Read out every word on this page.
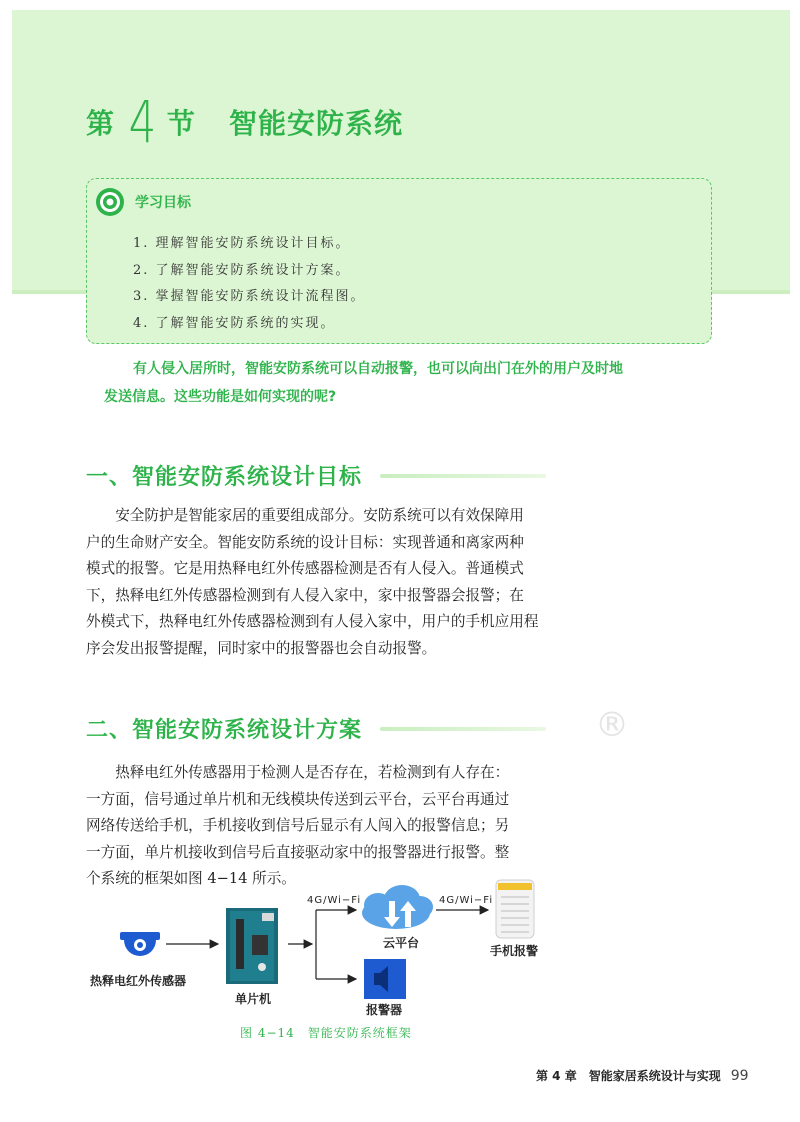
第 4 节 智能安防系统
学习目标
1. 理解智能安防系统设计目标。
2. 了解智能安防系统设计方案。
3. 掌握智能安防系统设计流程图。
4. 了解智能安防系统的实现。
有人侵入居所时，智能安防系统可以自动报警，也可以向出门在外的用户及时地
发送信息。这些功能是如何实现的呢?
一、智能安防系统设计目标
　　安全防护是智能家居的重要组成部分。安防系统可以有效保障用
户的生命财产安全。智能安防系统的设计目标：实现普通和离家两种
模式的报警。它是用热释电红外传感器检测是否有人侵入。普通模式
下，热释电红外传感器检测到有人侵入家中，家中报警器会报警；在
外模式下，热释电红外传感器检测到有人侵入家中，用户的手机应用程
序会发出报警提醒，同时家中的报警器也会自动报警。
®
二、智能安防系统设计方案
　　热释电红外传感器用于检测人是否存在，若检测到有人存在：
一方面，信号通过单片机和无线模块传送到云平台，云平台再通过
网络传送给手机，手机接收到信号后显示有人闯入的报警信息；另
一方面，单片机接收到信号后直接驱动家中的报警器进行报警。整
个系统的框架如图 4−14 所示。
热释电红外传感器
单片机
云平台
手机报警
报警器
4G/Wi−Fi	4G/Wi−Fi
图 4−14　智能安防系统框架
第 4 章　智能家居系统设计与实现 99
